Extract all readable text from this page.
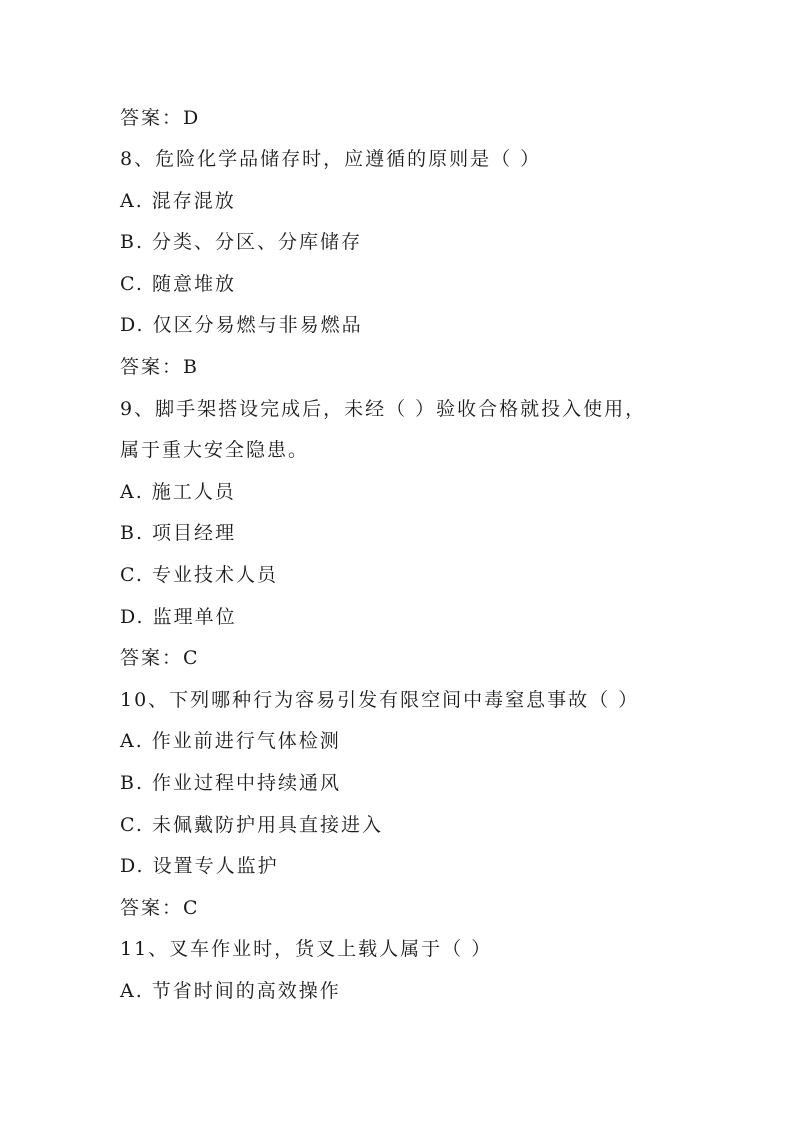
答案：D
8、危险化学品储存时，应遵循的原则是（ ）
A. 混存混放
B. 分类、分区、分库储存
C. 随意堆放
D. 仅区分易燃与非易燃品
答案：B
9、脚手架搭设完成后，未经（ ）验收合格就投入使用，
属于重大安全隐患。
A. 施工人员
B. 项目经理
C. 专业技术人员
D. 监理单位
答案：C
10、下列哪种行为容易引发有限空间中毒窒息事故（ ）
A. 作业前进行气体检测
B. 作业过程中持续通风
C. 未佩戴防护用具直接进入
D. 设置专人监护
答案：C
11、叉车作业时，货叉上载人属于（ ）
A. 节省时间的高效操作
